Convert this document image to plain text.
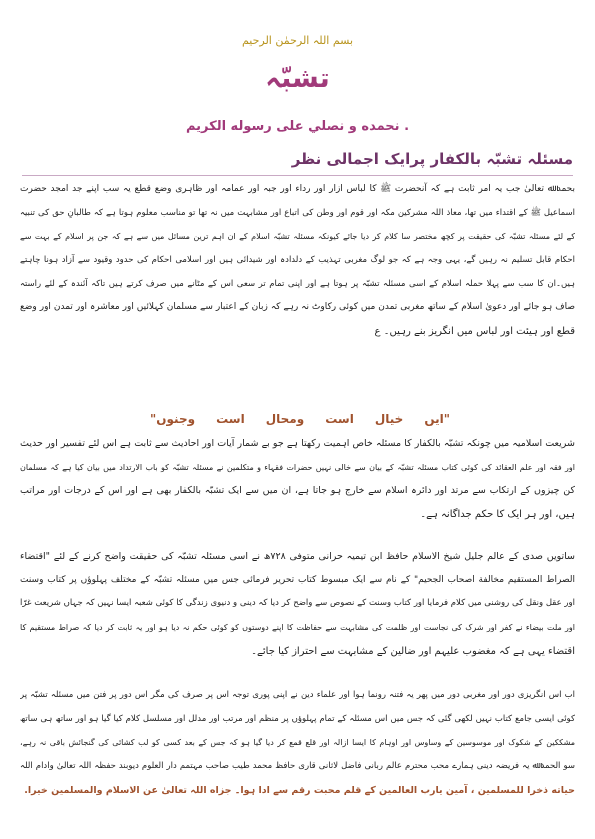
بسم اللہ الرحمٰن الرحیم
تشبّہ
نحمده و نصلي على رسوله الكريم .
مسئلہ تشبّہ بالکفار پرایک اجمالی نظر
بحمد ﷲ تعالیٰ جب یہ امر ثابت ہے کہ آنحضرت ﷺ کا لباس ازار اور رداء اور جبہ اور عمامہ اور ظاہری وضع قطع یہ سب اپنے جد امجد حضرت
اسماعیل ﷺ کے اقتداء میں تھا، معاذ اللہ مشرکین مکہ اور قوم اور وطن کی اتباع اور مشابہت میں نہ تھا تو مناسب معلوم ہوتا ہے کہ طالبانِ حق کی تنبیہ
کے لئے مسئلہ تشبّہ کی حقیقت پر کچھ مختصر سا کلام کر دیا جائے کیونکہ مسئلہ تشبّہ اسلام کے ان اہم ترین مسائل میں سے ہے کہ جن پر اسلام کے بہت سے
احکام قابل تسلیم نہ رہیں گے، یہی وجہ ہے کہ جو لوگ مغربی تہذیب کے دلدادہ اور شیدائی ہیں اور اسلامی احکام کی حدود وقیود سے آزاد ہونا چاہتے
ہیں۔ان کا سب سے پہلا حملہ اسلام کے اسی مسئلہ تشبّہ پر ہوتا ہے اور اپنی تمام تر سعی اس کے مٹانے میں صرف کرتے ہیں تاکہ آئندہ کے لئے راستہ
صاف ہو جائے اور دعویٰ اسلام کے ساتھ مغربی تمدن میں کوئی رکاوٹ نہ رہے کہ زبان کے اعتبار سے مسلمان کہلائیں اور معاشرہ اور تمدن اور وضع
قطع اور ہیئت اور لباس میں انگریز بنے رہیں۔ ع
"ایں
خیال
است
ومحال
است
وجنوں"
شریعت اسلامیہ میں چونکہ تشبّہ بالکفار کا مسئلہ خاص اہمیت رکھتا ہے جو بے شمار آیات اور احادیث سے ثابت ہے اس لئے تفسیر اور حدیث
اور فقہ اور علم العقائد کی کوئی کتاب مسئلہ تشبّہ کے بیان سے خالی نہیں حضرات فقہاء و متکلمین نے مسئلہ تشبّہ کو باب الارتداد میں بیان کیا ہے کہ مسلمان
کن چیزوں کے ارتکاب سے مرتد اور دائرہ اسلام سے خارج ہو جاتا ہے، ان میں سے ایک تشبّہ بالکفار بھی ہے اور اس کے درجات اور مراتب
ہیں، اور ہر ایک کا حکم جداگانہ ہے۔
ساتویں صدی کے عالم جلیل شیخ الاسلام حافظ ابن تیمیہ حرانی متوفی ۷۲۸ھ نے اسی مسئلہ تشبّہ کی حقیقت واضح کرنے کے لئے "اقتضاء
الصراط المستقیم مخالفة اصحاب الجحیم" کے نام سے ایک مبسوط کتاب تحریر فرمائی جس میں مسئلہ تشبّہ کے مختلف پہلوؤں پر کتاب وسنت
اور عقل ونقل کی روشنی میں کلام فرمایا اور کتاب وسنت کے نصوص سے واضح کر دیا کہ دینی و دنیوی زندگی کا کوئی شعبہ ایسا نہیں کہ جہاں شریعت غرّا
اور ملت بیضاء نے کفر اور شرک کی نجاست اور ظلمت کی مشابہت سے حفاظت کا اپنے دوستوں کو کوئی حکم نہ دیا ہو اور یہ ثابت کر دیا کہ صراط مستقیم کا
اقتضاء یہی ہے کہ مغضوب علیہم اور ضالین کے مشابہت سے احتراز کیا جائے۔
اب اس انگریزی دور اور مغربی دور میں پھر یہ فتنہ رونما ہوا اور علماء دین نے اپنی پوری توجہ اس پر صرف کی مگر اس دور پر فتن میں مسئلہ تشبّہ پر
کوئی ایسی جامع کتاب نہیں لکھی گئی کہ جس میں اس مسئلہ کے تمام پہلوؤں پر منظم اور مرتب اور مدلل اور مسلسل کلام کیا گیا ہو اور ساتھ ہی ساتھ
مشککین کے شکوک اور موسوسین کے وساوس اور اوہام کا ایسا ازالہ اور قلع قمع کر دیا گیا ہو کہ جس کے بعد کسی کو لب کشائی کی گنجائش باقی نہ رہے،
سو الحمد ﷲ یہ فریضہ دینی ہمارے محب محترم عالم ربانی فاضل لاثانی قاری حافظ محمد طیب صاحب مہتمم دار العلوم دیوبند حفظہ اللہ تعالیٰ وادام اللہ
حیاته ذخرا للمسلمين ، آمین یارب العالمین کے قلم محبت رقم سے ادا ہوا۔ جزاه اللہ تعالیٰ عن الاسلام والمسلمین خیرا.
